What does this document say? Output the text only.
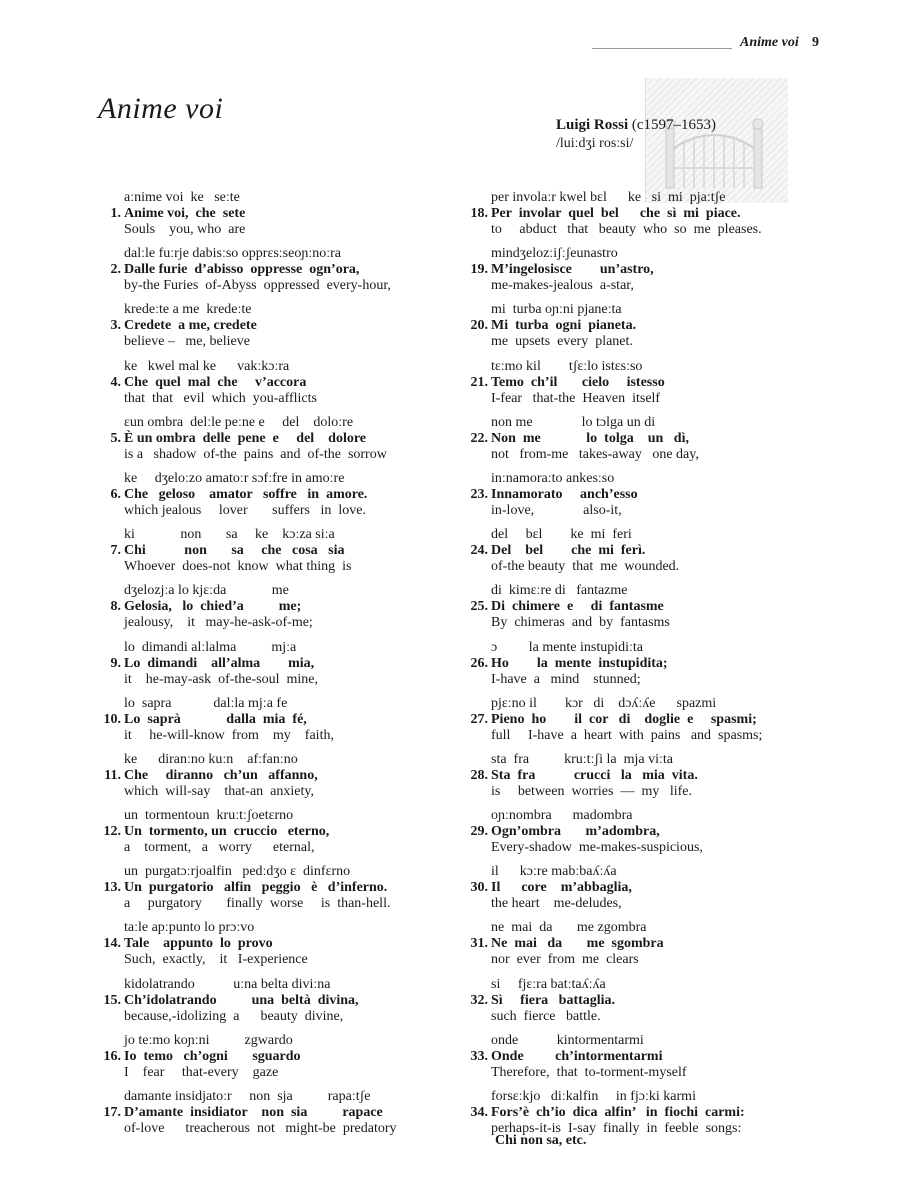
Anime voi 9
Anime voi	Luigi Rossi (c1597–1653)
/luiːdʒi rosːsi/
aːnime voi  ke   seːte
1. Anime voi,  che  sete
Souls    you, who  are
dalːle fuːrje dabisːso opprɛsːseoɲːnoːra
2. Dalle furie  d’abisso  oppresse  ogn’ora,
by-the Furies  of-Abyss  oppressed  every-hour,
kredeːte a me  kredeːte
3. Credete  a me, credete
believe –   me, believe
ke   kwel mal ke      vakːkɔːra
4. Che  quel  mal  che     v’accora
that  that   evil  which  you-afflicts
ɛun ombra  delːle peːne e     del    doloːre
5. È un ombra  delle  pene  e     del    dolore
is a   shadow  of-the  pains  and  of-the  sorrow
ke     dʒeloːzo amatoːr sɔfːfre in amoːre
6. Che   geloso    amator   soffre   in  amore.
which jealous     lover       suffers   in  love.
ki             non       sa     ke    kɔːza siːa
7. Chi           non       sa     che   cosa   sia
Whoever  does-not  know  what thing  is
dʒelozjːa lo kjɛːda             me
8. Gelosia,   lo  chied’a          me;
jealousy,    it   may-he-ask-of-me;
lo  dimandi alːlalma          mjːa
9. Lo  dimandi    all’alma        mia,
it    he-may-ask  of-the-soul  mine,
lo  sapra            dalːla mjːa fe
10. Lo  saprà             dalla  mia  fé,
it     he-will-know  from    my    faith,
ke      diranːno kuːn    afːfanːno
11. Che     diranno   ch’un   affanno,
which  will-say    that-an  anxiety,
un  tormentoun  kruːtːʃoetɛrno
12. Un  tormento, un  cruccio   eterno,
a    torment,   a   worry      eternal,
un  purgatɔːrjoalfin   pedːdʒo ɛ  dinfɛrno
13. Un  purgatorio   alfin   peggio   è   d’inferno.
a     purgatory       finally  worse     is  than-hell.
taːle apːpunto lo prɔːvo
14. Tale    appunto  lo  provo
Such,  exactly,    it   I-experience
kidolatrando           uːna belta diviːna
15. Ch’idolatrando          una  beltà  divina,
because,-idolizing  a      beauty  divine,
jo teːmo koɲːni          zgwardo
16. Io  temo   ch’ogni       sguardo
I    fear     that-every    gaze
damante insidjatoːr     non  sja          rapaːtʃe
17. D’amante  insidiator    non  sia          rapace
of-love      treacherous  not   might-be  predatory
per involaːr kwel bɛl      ke   si  mi  pjaːtʃe
18. Per  involar  quel  bel      che  sì  mi  piace.
to     abduct   that   beauty  who  so  me  pleases.
mindʒelozːiʃːʃeunastro
19. M’ingelosisce        un’astro,
me-makes-jealous  a-star,
mi  turba oɲːni pjaneːta
20. Mi  turba  ogni  pianeta.
me  upsets  every  planet.
tɛːmo kil        tʃɛːlo istɛsːso
21. Temo  ch’il       cielo     istesso
I-fear   that-the  Heaven  itself
non me              lo tɔlga un di
22. Non  me             lo  tolga    un   dì,
not   from-me   takes-away   one day,
inːnamoraːto ankesːso
23. Innamorato     anch’esso
in-love,              also-it,
del     bɛl        ke  mi  feri
24. Del    bel        che  mi  ferì.
of-the beauty  that  me  wounded.
di  kimɛːre di   fantazme
25. Di  chimere  e     di  fantasme
By  chimeras  and  by  fantasms
ɔ         la mente instupidiːta
26. Ho        la  mente  instupidita;
I-have  a   mind    stunned;
pjɛːno il        kɔr   di    dɔʎːʎe      spazmi
27. Pieno  ho        il  cor   di    doglie  e     spasmi;
full     I-have  a  heart  with  pains   and  spasms;
sta  fra          kruːtːʃi la  mja viːta
28. Sta  fra           crucci   la   mia  vita.
is     between  worries  —  my   life.
oɲːnombra      madombra
29. Ogn’ombra       m’adombra,
Every-shadow  me-makes-suspicious,
il      kɔːre mabːbaʎːʎa
30. Il      core    m’abbaglia,
the heart    me-deludes,
ne  mai  da       me zgombra
31. Ne  mai   da       me  sgombra
nor  ever  from  me  clears
si     fjɛːra batːtaʎːʎa
32. Sì     fiera   battaglia.
such  fierce   battle.
onde           kintormentarmi
33. Onde         ch’intormentarmi
Therefore,  that  to-torment-myself
forsɛːkjo   diːkalfin     in fjɔːki karmi
34. Fors’è  ch’io  dica  alfin’   in  fiochi  carmi:
perhaps-it-is  I-say  finally  in  feeble  songs:
Chi non sa, etc.
